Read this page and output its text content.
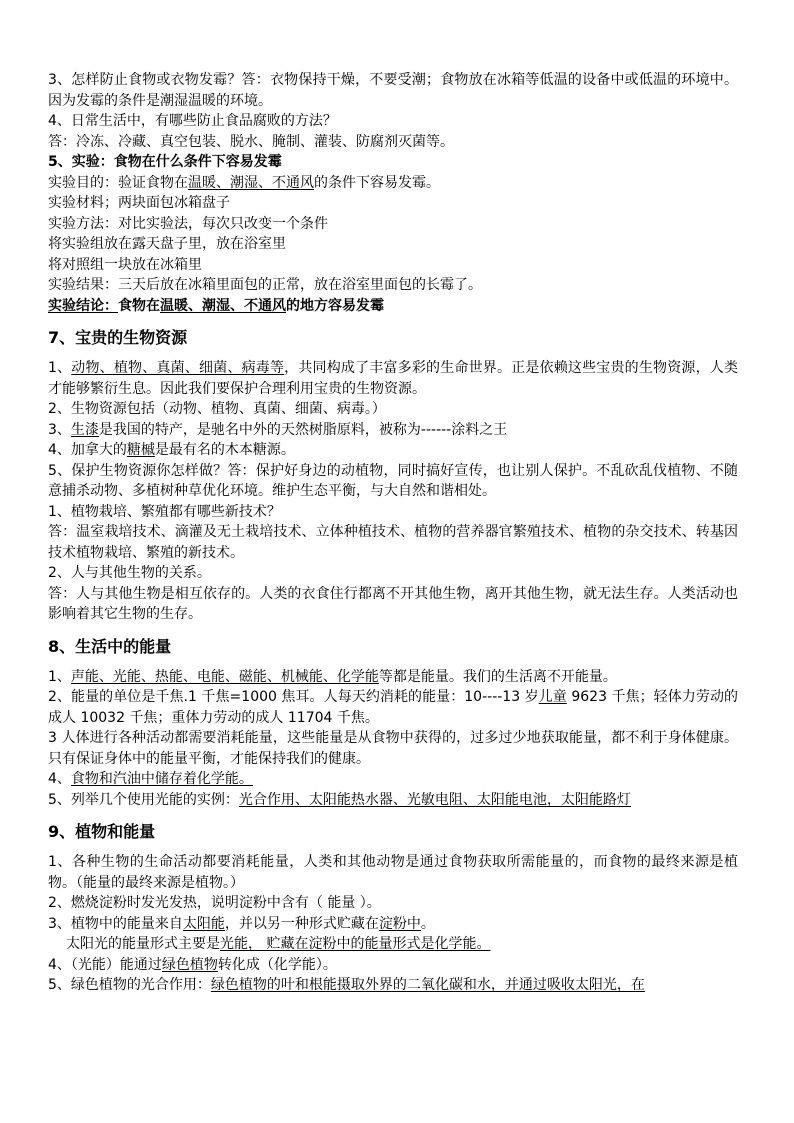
3、怎样防止食物或衣物发霉？答：衣物保持干燥，不要受潮；食物放在冰箱等低温的设备中或低温的环境中。因为发霉的条件是潮湿温暖的环境。
4、日常生活中，有哪些防止食品腐败的方法？
答：冷冻、冷藏、真空包装、脱水、腌制、灌装、防腐剂灭菌等。
5、实验：食物在什么条件下容易发霉
实验目的：验证食物在温暖、潮湿、不通风的条件下容易发霉。
实验材料；两块面包冰箱盘子
实验方法：对比实验法，每次只改变一个条件
将实验组放在露天盘子里，放在浴室里
将对照组一块放在冰箱里
实验结果：三天后放在冰箱里面包的正常，放在浴室里面包的长霉了。
实验结论：食物在温暖、潮湿、不通风的地方容易发霉
7、宝贵的生物资源
1、动物、植物、真菌、细菌、病毒等，共同构成了丰富多彩的生命世界。正是依赖这些宝贵的生物资源，人类才能够繁衍生息。因此我们要保护合理利用宝贵的生物资源。
2、生物资源包括（动物、植物、真菌、细菌、病毒。）
3、生漆是我国的特产，是驰名中外的天然树脂原料，被称为------涂料之王
4、加拿大的糖槭是最有名的木本糖源。
5、保护生物资源你怎样做？答：保护好身边的动植物，同时搞好宣传，也让别人保护。不乱砍乱伐植物、不随意捕杀动物、多植树种草优化环境。维护生态平衡，与大自然和谐相处。
1、植物栽培、繁殖都有哪些新技术？
答：温室栽培技术、滴灌及无土栽培技术、立体种植技术、植物的营养器官繁殖技术、植物的杂交技术、转基因技术植物栽培、繁殖的新技术。
2、人与其他生物的关系。
答：人与其他生物是相互依存的。人类的衣食住行都离不开其他生物，离开其他生物，就无法生存。人类活动也影响着其它生物的生存。
8、生活中的能量
1、声能、光能、热能、电能、磁能、机械能、化学能等都是能量。我们的生活离不开能量。
2、能量的单位是千焦.1 千焦=1000 焦耳。人每天约消耗的能量：10----13 岁儿童 9623 千焦；轻体力劳动的成人 10032 千焦；重体力劳动的成人 11704 千焦。
3 人体进行各种活动都需要消耗能量，这些能量是从食物中获得的，过多过少地获取能量，都不利于身体健康。只有保证身体中的能量平衡，才能保持我们的健康。
4、食物和汽油中储存着化学能。
5、列举几个使用光能的实例：光合作用、太阳能热水器、光敏电阻、太阳能电池，太阳能路灯
9、植物和能量
1、各种生物的生命活动都要消耗能量，人类和其他动物是通过食物获取所需能量的，而食物的最终来源是植物。（能量的最终来源是植物。）
2、燃烧淀粉时发光发热，说明淀粉中含有（ 能量 ）。
3、植物中的能量来自太阳能，并以另一种形式贮藏在淀粉中。
太阳光的能量形式主要是光能， 贮藏在淀粉中的能量形式是化学能。
4、（光能）能通过绿色植物转化成（化学能）。
5、绿色植物的光合作用：绿色植物的叶和根能摄取外界的二氧化碳和水，并通过吸收太阳光，在
